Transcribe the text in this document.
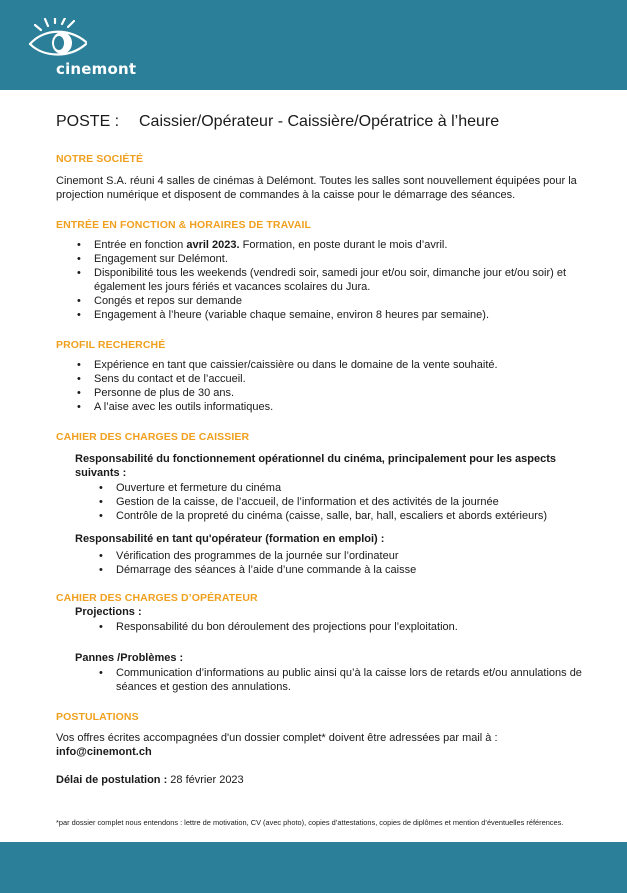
cinemont
POSTE :	Caissier/Opérateur - Caissière/Opératrice à l’heure
NOTRE SOCIÉTÉ

Cinemont S.A. réuni 4 salles de cinémas à Delémont. Toutes les salles sont nouvellement équipées pour la projection numérique et disposent de commandes à la caisse pour le démarrage des séances.

ENTRÉE EN FONCTION & HORAIRES DE TRAVAIL
• Entrée en fonction avril 2023. Formation, en poste durant le mois d’avril.
• Engagement sur Delémont.
• Disponibilité tous les weekends (vendredi soir, samedi jour et/ou soir, dimanche jour et/ou soir) et également les jours fériés et vacances scolaires du Jura.
• Congés et repos sur demande
• Engagement à l’heure (variable chaque semaine, environ 8 heures par semaine).
PROFIL RECHERCHÉ
• Expérience en tant que caissier/caissière ou dans le domaine de la vente souhaité.
• Sens du contact et de l’accueil.
• Personne de plus de 30 ans.
• A l’aise avec les outils informatiques.
CAHIER DES CHARGES DE CAISSIER
Responsabilité du fonctionnement opérationnel du cinéma, principalement pour les aspects suivants :
• Ouverture et fermeture du cinéma
• Gestion de la caisse, de l’accueil, de l’information et des activités de la journée
• Contrôle de la propreté du cinéma (caisse, salle, bar, hall, escaliers et abords extérieurs)
Responsabilité en tant qu'opérateur (formation en emploi) :
• Vérification des programmes de la journée sur l’ordinateur
• Démarrage des séances à l’aide d’une commande à la caisse
CAHIER DES CHARGES D’OPÉRATEUR
Projections :
• Responsabilité du bon déroulement des projections pour l’exploitation.
Pannes /Problèmes :
• Communication d’informations au public ainsi qu’à la caisse lors de retards et/ou annulations de séances et gestion des annulations.
POSTULATIONS

Vos offres écrites accompagnées d'un dossier complet* doivent être adressées par mail à :

info@cinemont.ch

Délai de postulation : 28 février 2023

*par dossier complet nous entendons : lettre de motivation, CV (avec photo), copies d’attestations, copies de diplômes et mention d’éventuelles références.
